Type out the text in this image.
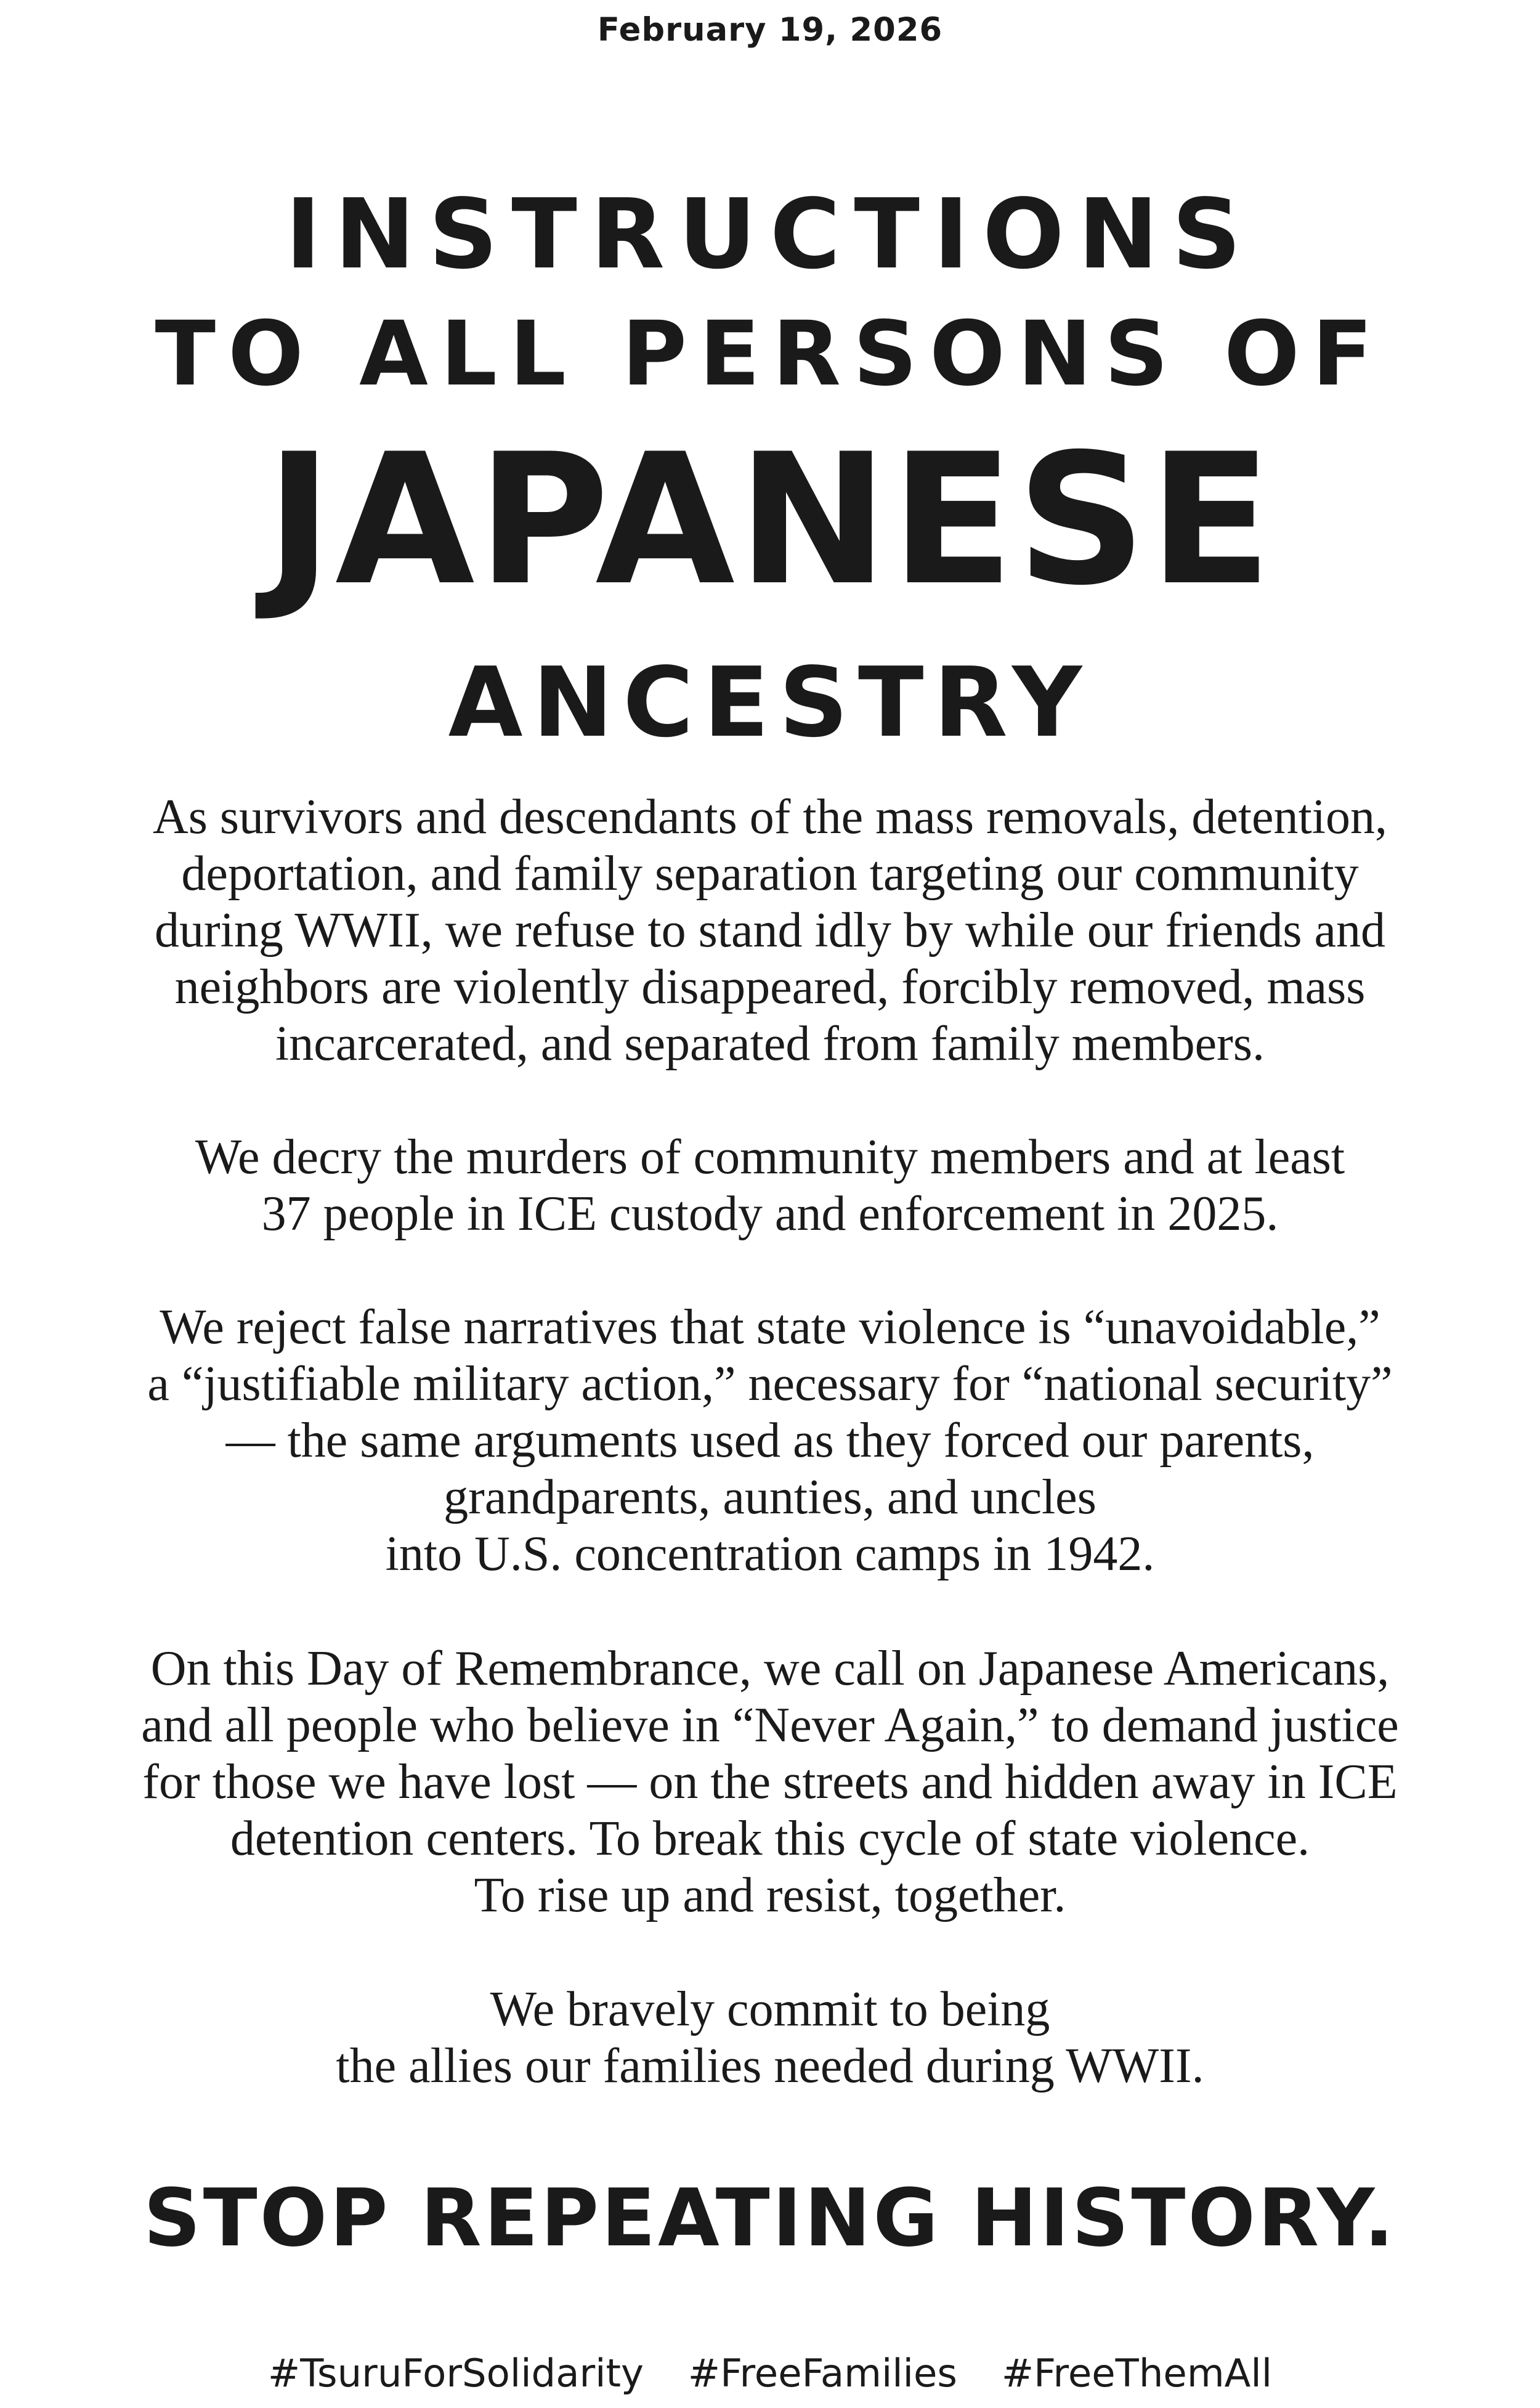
February 19, 2026
INSTRUCTIONS
TO ALL PERSONS OF
JAPANESE
ANCESTRY
As survivors and descendants of the mass removals, detention,
deportation, and family separation targeting our community
during WWII, we refuse to stand idly by while our friends and
neighbors are violently disappeared, forcibly removed, mass
incarcerated, and separated from family members.
We decry the murders of community members and at least
37 people in ICE custody and enforcement in 2025.
We reject false narratives that state violence is “unavoidable,”
a “justifiable military action,” necessary for “national security”
— the same arguments used as they forced our parents,
grandparents, aunties, and uncles
into U.S. concentration camps in 1942.
On this Day of Remembrance, we call on Japanese Americans,
and all people who believe in “Never Again,” to demand justice
for those we have lost — on the streets and hidden away in ICE
detention centers. To break this cycle of state violence.
To rise up and resist, together.
We bravely commit to being
the allies our families needed during WWII.
STOP REPEATING HISTORY.
#TsuruForSolidarity #FreeFamilies #FreeThemAll
